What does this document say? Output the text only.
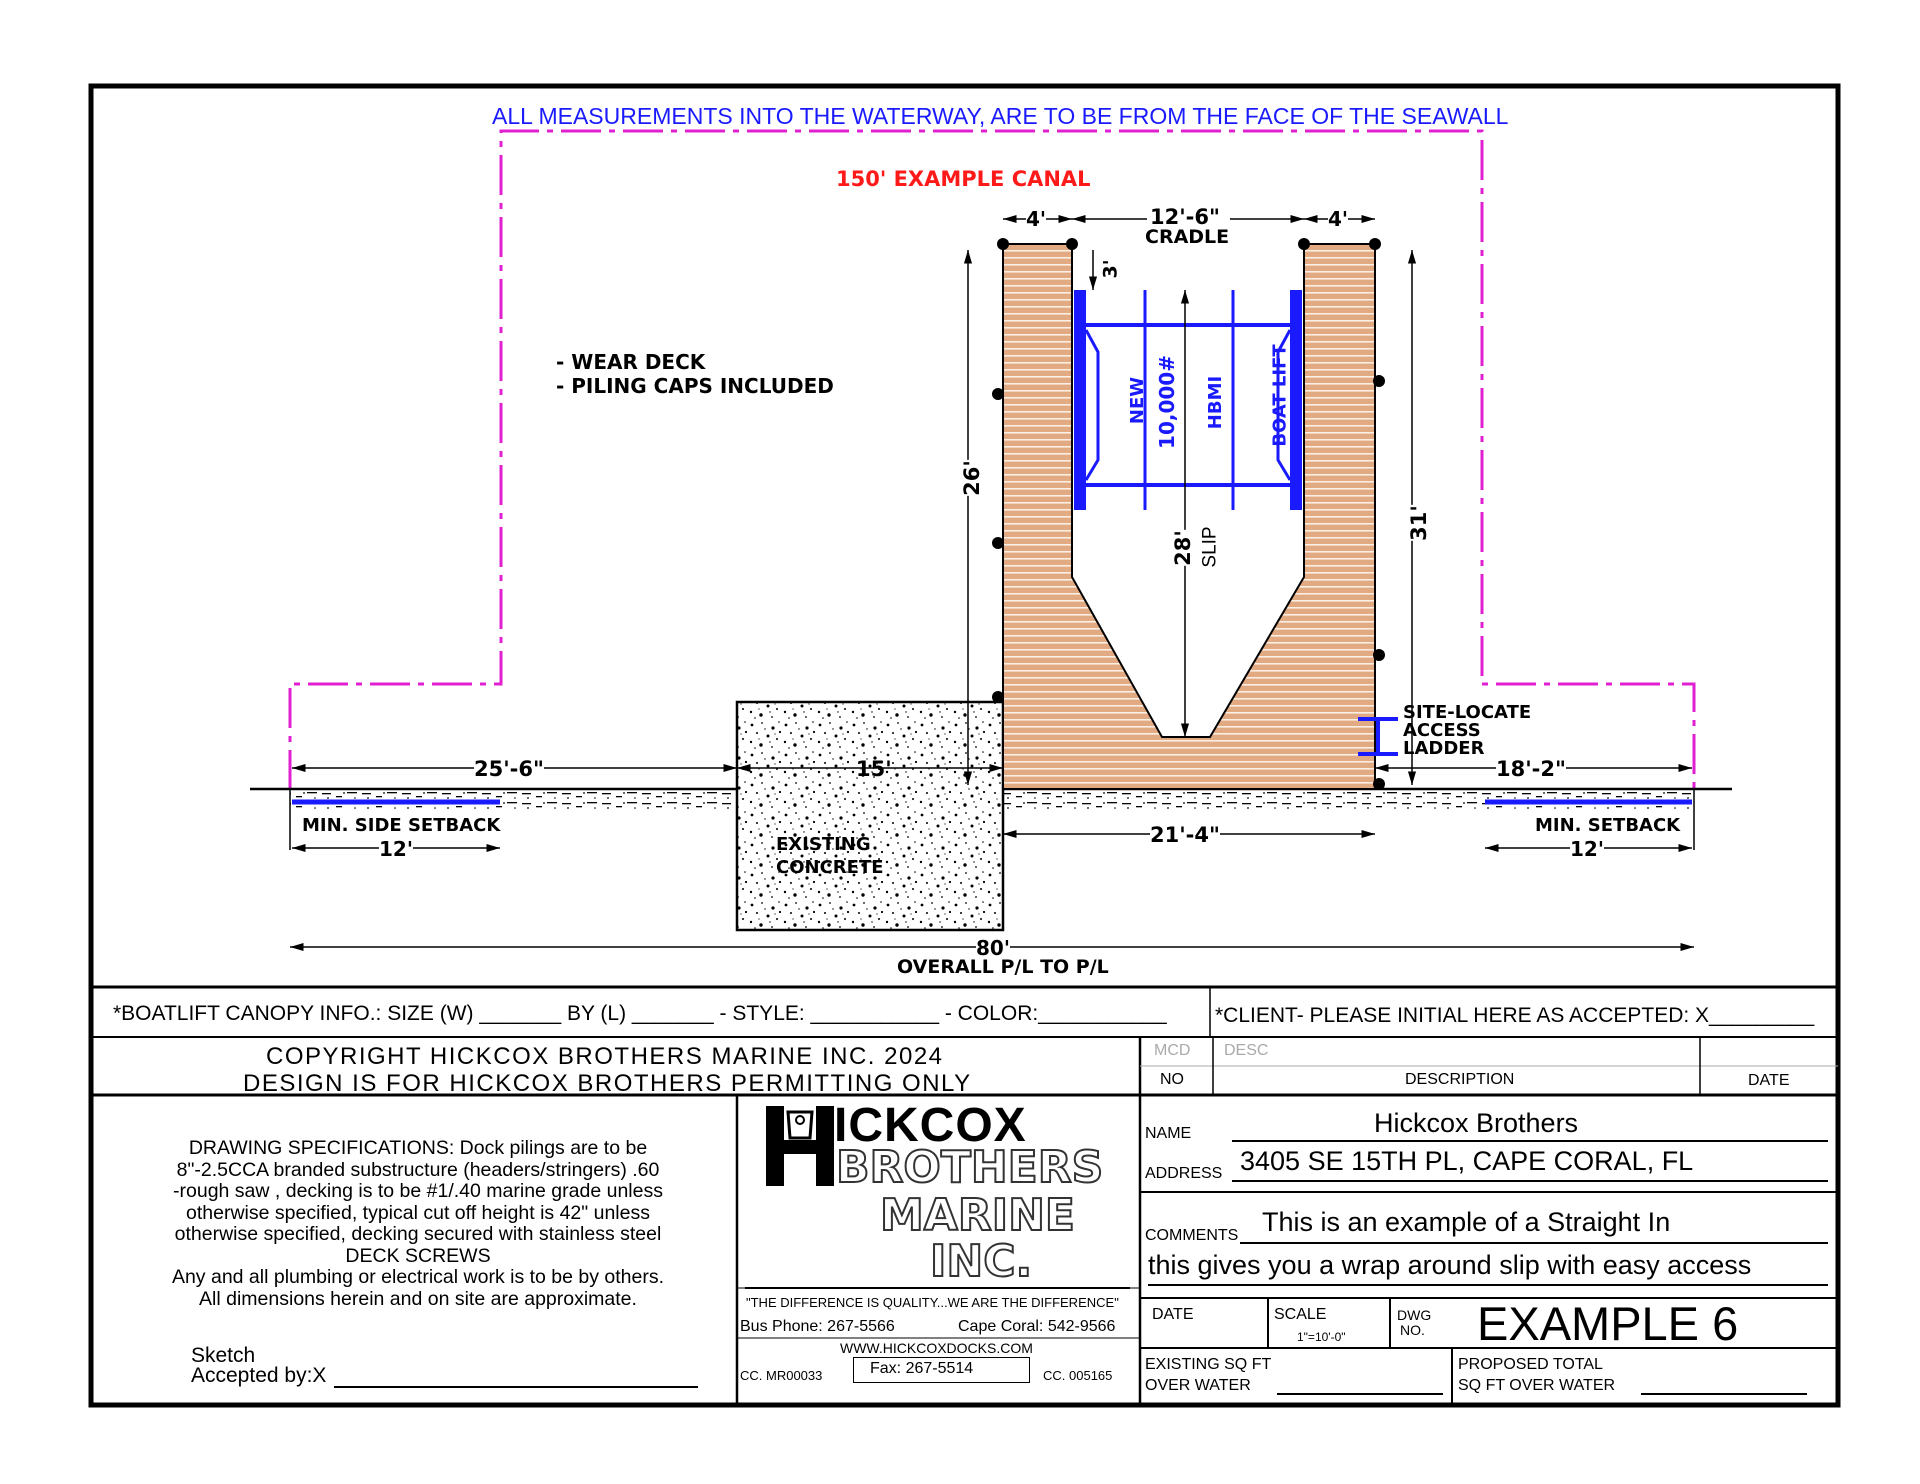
ALL MEASUREMENTS INTO THE WATERWAY, ARE TO BE FROM THE FACE OF THE SEAWALL
150' EXAMPLE CANAL
- WEAR DECK
- PILING CAPS INCLUDED
4'	12'-6"
CRADLE
4'
3'
26'
28' SLIP
31'
NEW 10,000# HBMI BOAT LIFT
SITE-LOCATE
ACCESS
LADDER
25'-6"	15'	18'-2"
21'-4"
MIN. SIDE SETBACK	MIN. SETBACK
12'	12'
EXISTING
CONCRETE
80'
OVERALL P/L TO P/L
*BOATLIFT CANOPY INFO.: SIZE (W) _______ BY (L) _______ - STYLE: ___________ - COLOR:___________ *CLIENT- PLEASE INITIAL HERE AS ACCEPTED: X_________
COPYRIGHT HICKCOX BROTHERS MARINE INC. 2024
DESIGN IS FOR HICKCOX BROTHERS PERMITTING ONLY
MCD DESC
NO	DESCRIPTION	DATE
DRAWING SPECIFICATIONS: Dock pilings are to be
8"-2.5CCA branded substructure (headers/stringers) .60
-rough saw , decking is to be #1/.40 marine grade unless
otherwise specified, typical cut off height is 42" unless
otherwise specified, decking secured with stainless steel
DECK SCREWS
Any and all plumbing or electrical work is to be by others.
All dimensions herein and on site are approximate.
Sketch
Accepted by:X
ICKCOX
BROTHERS
MARINE
INC.
"THE DIFFERENCE IS QUALITY...WE ARE THE DIFFERENCE"
Bus Phone: 267-5566	Cape Coral: 542-9566
WWW.HICKCOXDOCKS.COM
Fax: 267-5514
CC. MR00033	CC. 005165
NAME	Hickcox Brothers
ADDRESS 3405 SE 15TH PL, CAPE CORAL, FL
COMMENTS This is an example of a Straight In
this gives you a wrap around slip with easy access
DATE	SCALE
1"=10'-0"
DWG
NO. EXAMPLE 6
EXISTING SQ FT
OVER WATER
PROPOSED TOTAL
SQ FT OVER WATER
